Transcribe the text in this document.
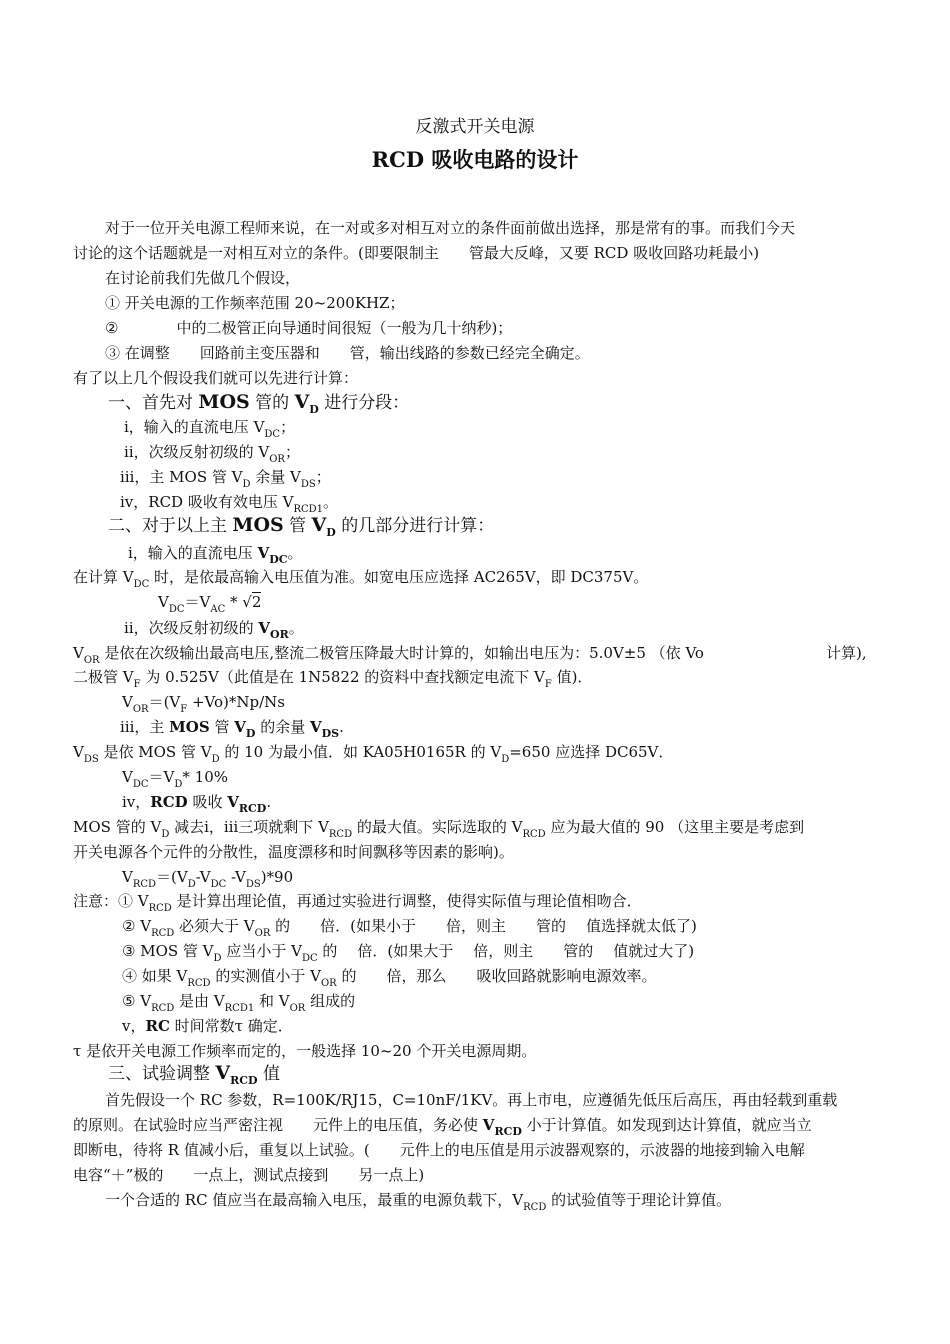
反激式开关电源
RCD 吸收电路的设计
对于一位开关电源工程师来说，在一对或多对相互对立的条件面前做出选择，那是常有的事。而我们今天
讨论的这个话题就是一对相互对立的条件。(即要限制主 管最大反峰，又要 RCD 吸收回路功耗最小)
在讨论前我们先做几个假设，
① 开关电源的工作频率范围 20~200KHZ；
②	中的二极管正向导通时间很短（一般为几十纳秒)；
③ 在调整 回路前主变压器和 管，输出线路的参数已经完全确定。
有了以上几个假设我们就可以先进行计算：
一、首先对 MOS 管的 $V_D$ 进行分段：
ⅰ，输入的直流电压 $V_{DC}$；
ⅱ，次级反射初级的 $V_{OR}$；
ⅲ，主 MOS 管 $V_D$ 余量 $V_{DS}$；
ⅳ，RCD 吸收有效电压 $V_{RCD1}$。
二、对于以上主 MOS 管 $V_D$ 的几部分进行计算：
ⅰ，输入的直流电压 $V_{DC}$。
在计算 $V_{DC}$ 时，是依最高输入电压值为准。如宽电压应选择 AC265V，即 DC375V。
$V_{DC}=V_{AC} * √2$
ⅱ，次级反射初级的 $V_{OR}$。
$V_{OR}$ 是依在次级输出最高电压,整流二极管压降最大时计算的，如输出电压为：5.0V±5 （依 Vo	计算),
二极管 $V_F$ 为 0.525V（此值是在 1N5822 的资料中查找额定电流下 $V_F$ 值)．
$V_{OR}=(V_F +Vo)*Np/Ns$
ⅲ，主 MOS 管 $V_D$ 的余量 $V_{DS}$.
$V_{DS}$ 是依 MOS 管 $V_D$ 的 10 为最小值．如 KA05H0165R 的 $V_D=650$ 应选择 DC65V．
$V_{DC}=V_D*$ 10%
ⅳ，RCD 吸收 $V_{RCD}$.
MOS 管的 $V_D$ 减去ⅰ，ⅲ三项就剩下 $V_{RCD}$ 的最大值。实际选取的 $V_{RCD}$ 应为最大值的 90 （这里主要是考虑到
开关电源各个元件的分散性，温度漂移和时间飘移等因素的影响)。
$V_{RCD}=(V_D-V_{DC}$ $-V_{DS})*90$
注意：① $V_{RCD}$ 是计算出理论值，再通过实验进行调整，使得实际值与理论值相吻合．
② $V_{RCD}$ 必须大于 $V_{OR}$ 的 倍．(如果小于 倍，则主 管的 值选择就太低了)
③ MOS 管 $V_D$ 应当小于 $V_{DC}$ 的 倍．(如果大于 倍，则主 管的 值就过大了)
④ 如果 $V_{RCD}$ 的实测值小于 $V_{OR}$ 的 倍，那么 吸收回路就影响电源效率。
⑤ $V_{RCD}$ 是由 $V_{RCD1}$ 和 $V_{OR}$ 组成的
ⅴ，RC 时间常数τ 确定．
τ 是依开关电源工作频率而定的，一般选择 10~20 个开关电源周期。
三、试验调整 $V_{RCD}$ 值
首先假设一个 RC 参数，R=100K/RJ15，C=10nF/1KV。再上市电，应遵循先低压后高压，再由轻载到重载
的原则。在试验时应当严密注视 元件上的电压值，务必使 $V_{RCD}$ 小于计算值。如发现到达计算值，就应当立
即断电，待将 R 值减小后，重复以上试验。( 元件上的电压值是用示波器观察的，示波器的地接到输入电解
电容“＋”极的 一点上，测试点接到 另一点上)
一个合适的 RC 值应当在最高输入电压，最重的电源负载下，$V_{RCD}$ 的试验值等于理论计算值。
